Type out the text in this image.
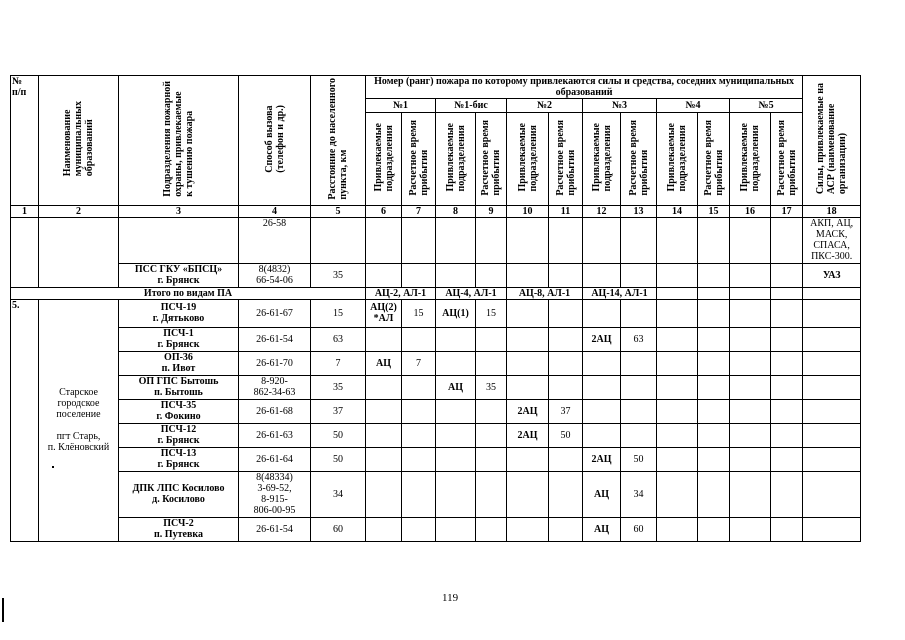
№
п/п	Наименование
муниципальных
образований	Подразделения пожарной
охраны, привлекаемые
к тушению пожара	Способ вызова
(телефон и др.)	Расстояние до населенного
пункта, км	Номер (ранг) пожара по которому привлекаются силы и средства, соседних муниципальных образований												Силы, привлекаемые на
АСР (наименование
организации)
					№1		№1-бис		№2		№3		№4		№5		
					Привлекаемые
подразделения	Расчетное время
прибытия	Привлекаемые
подразделения	Расчетное время
прибытия	Привлекаемые
подразделения	Расчетное время
прибытия	Привлекаемые
подразделения	Расчетное время
прибытия	Привлекаемые
подразделения	Расчетное время
прибытия	Привлекаемые
подразделения	Расчетное время
прибытия	
1	2	3	4	5	6	7	8	9	10	11	12	13	14	15	16	17	18
			26-58														АКП, АЦ, МАСК, СПАСА, ПКС-300.
		ПСС ГКУ «БПСЦ»
г. Брянск	8(4832)
66-54-06	35													УАЗ
Итого по видам ПА					АЦ-2, АЛ-1		АЦ-4, АЛ-1		АЦ-8, АЛ-1		АЦ-14, АЛ-1						
5.	Старское
городское
поселение

пгт Старь,
п. Клёновский	ПСЧ-19
г. Дятьково	26-61-67	15	АЦ(2)
*АЛ	15	АЦ(1)	15									
		ПСЧ-1
г. Брянск	26-61-54	63							2АЦ	63					
		ОП-36
п. Ивот	26-61-70	7	АЦ	7											
		ОП ГПС Бытошь
п. Бытошь	8-920-
862-34-63	35			АЦ	35									
		ПСЧ-35
г. Фокино	26-61-68	37					2АЦ	37							
		ПСЧ-12
г. Брянск	26-61-63	50					2АЦ	50							
		ПСЧ-13
г. Брянск	26-61-64	50							2АЦ	50					
		ДПК ЛПС Косилово
д. Косилово	8(48334)
3-69-52,
8-915-
806-00-95	34							АЦ	34					
		ПСЧ-2
п. Путевка	26-61-54	60							АЦ	60					
119
